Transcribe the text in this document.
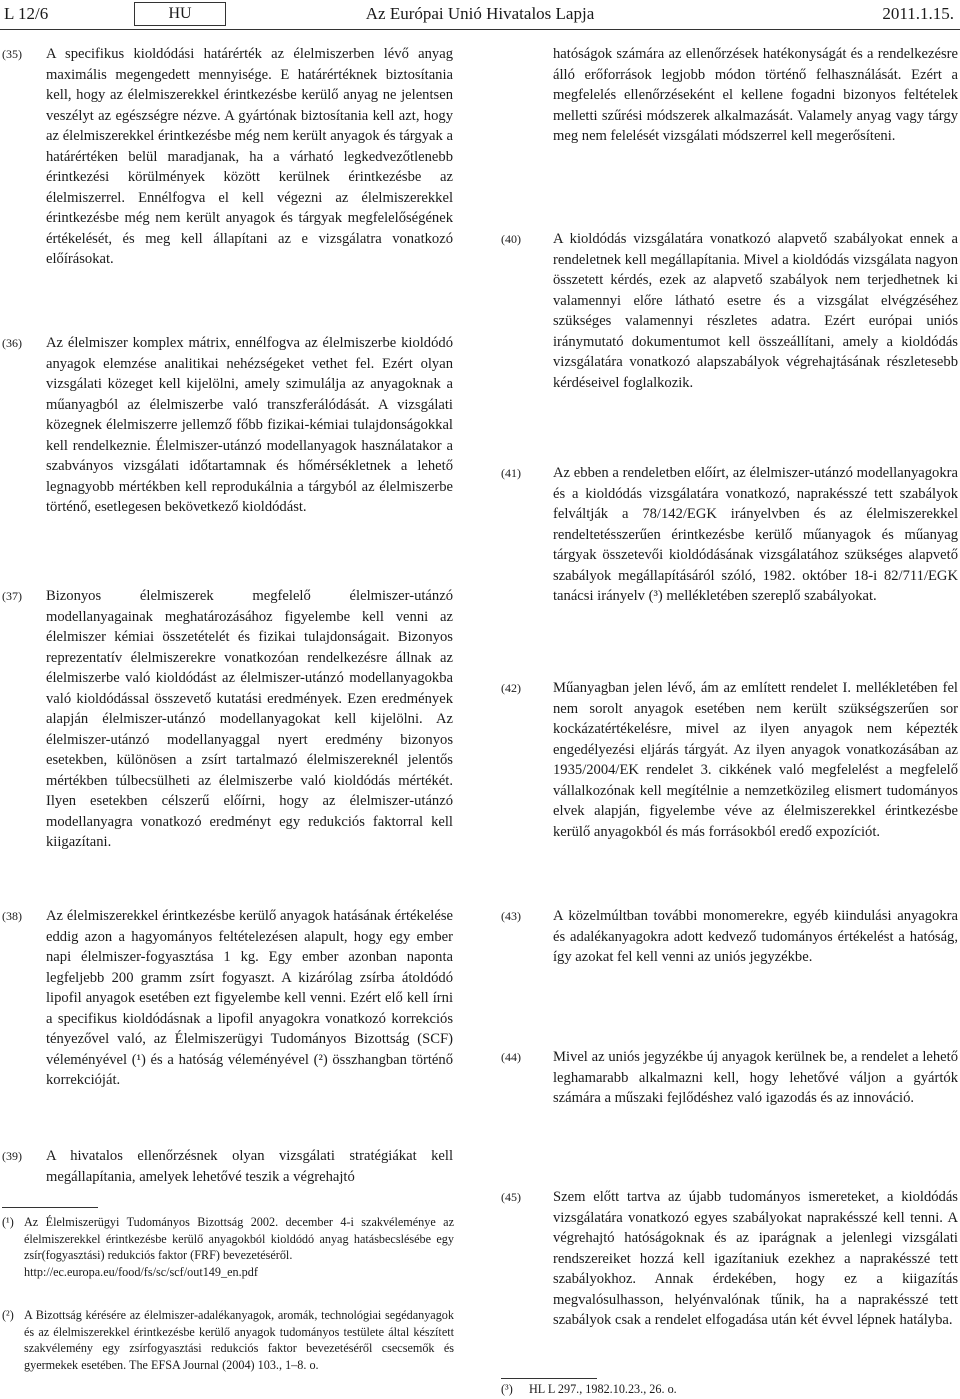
L 12/6	HU	Az Európai Unió Hivatalos Lapja	2011.1.15.
(35) A specifikus kioldódási határérték az élelmiszerben lévő anyag maximális megengedett mennyisége. E határértéknek biztosítania kell, hogy az élelmiszerekkel érintkezésbe kerülő anyag ne jelentsen veszélyt az egészségre nézve. A gyártónak biztosítania kell azt, hogy az élelmiszerekkel érintkezésbe még nem került anyagok és tárgyak a határértéken belül maradjanak, ha a várható legkedvezőtlenebb érintkezési körülmények között kerülnek érintkezésbe az élelmiszerrel. Ennélfogva el kell végezni az élelmiszerekkel érintkezésbe még nem került anyagok és tárgyak megfelelőségének értékelését, és meg kell állapítani az e vizsgálatra vonatkozó előírásokat.
(36) Az élelmiszer komplex mátrix, ennélfogva az élelmiszerbe kioldódó anyagok elemzése analitikai nehézségeket vethet fel. Ezért olyan vizsgálati közeget kell kijelölni, amely szimulálja az anyagoknak a műanyagból az élelmiszerbe való transzferálódását. A vizsgálati közegnek élelmiszerre jellemző főbb fizikai-kémiai tulajdonságokkal kell rendelkeznie. Élelmiszer-utánzó modellanyagok használatakor a szabványos vizsgálati időtartamnak és hőmérsékletnek a lehető legnagyobb mértékben kell reprodukálnia a tárgyból az élelmiszerbe történő, esetlegesen bekövetkező kioldódást.
(37) Bizonyos élelmiszerek megfelelő élelmiszer-utánzó modellanyagainak meghatározásához figyelembe kell venni az élelmiszer kémiai összetételét és fizikai tulajdonságait. Bizonyos reprezentatív élelmiszerekre vonatkozóan rendelkezésre állnak az élelmiszerbe való kioldódást az élelmiszer-utánzó modellanyagokba való kioldódással összevető kutatási eredmények. Ezen eredmények alapján élelmiszer-utánzó modellanyagokat kell kijelölni. Az élelmiszer-utánzó modellanyaggal nyert eredmény bizonyos esetekben, különösen a zsírt tartalmazó élelmiszereknél jelentős mértékben túlbecsülheti az élelmiszerbe való kioldódás mértékét. Ilyen esetekben célszerű előírni, hogy az élelmiszer-utánzó modellanyagra vonatkozó eredményt egy redukciós faktorral kell kiigazítani.
hatóságok számára az ellenőrzések hatékonyságát és a rendelkezésre álló erőforrások legjobb módon történő felhasználását. Ezért a megfelelés ellenőrzéseként el kellene fogadni bizonyos feltételek melletti szűrési módszerek alkalmazását. Valamely anyag vagy tárgy meg nem felelését vizsgálati módszerrel kell megerősíteni.
(40) A kioldódás vizsgálatára vonatkozó alapvető szabályokat ennek a rendeletnek kell megállapítania. Mivel a kioldódás vizsgálata nagyon összetett kérdés, ezek az alapvető szabályok nem terjedhetnek ki valamennyi előre látható esetre és a vizsgálat elvégzéséhez szükséges valamennyi részletes adatra. Ezért európai uniós iránymutató dokumentumot kell összeállítani, amely a kioldódás vizsgálatára vonatkozó alapszabályok végrehajtásának részletesebb kérdéseivel foglalkozik.
(41) Az ebben a rendeletben előírt, az élelmiszer-utánzó modellanyagokra és a kioldódás vizsgálatára vonatkozó, naprakésszé tett szabályok felváltják a 78/142/EGK irányelvben és az élelmiszerekkel rendeltetésszerűen érintkezésbe kerülő műanyagok és műanyag tárgyak összetevői kioldódásának vizsgálatához szükséges alapvető szabályok megállapításáról szóló, 1982. október 18-i 82/711/EGK tanácsi irányelv (³) mellékletében szereplő szabályokat.
(42) Műanyagban jelen lévő, ám az említett rendelet I. mellékletében fel nem sorolt anyagok esetében nem került szükségszerűen sor kockázatértékelésre, mivel az ilyen anyagok nem képezték engedélyezési eljárás tárgyát. Az ilyen anyagok vonatkozásában az 1935/2004/EK rendelet 3. cikkének való megfelelést a megfelelő vállalkozónak kell megítélnie a nemzetközileg elismert tudományos elvek alapján, figyelembe véve az élelmiszerekkel érintkezésbe kerülő anyagokból és más forrásokból eredő expozíciót.
(38) Az élelmiszerekkel érintkezésbe kerülő anyagok hatásának értékelése eddig azon a hagyományos feltételezésen alapult, hogy egy ember napi élelmiszer-fogyasztása 1 kg. Egy ember azonban naponta legfeljebb 200 gramm zsírt fogyaszt. A kizárólag zsírba átoldódó lipofil anyagok esetében ezt figyelembe kell venni. Ezért elő kell írni a specifikus kioldódásnak a lipofil anyagokra vonatkozó korrekciós tényezővel való, az Élelmiszerügyi Tudományos Bizottság (SCF) véleményével (¹) és a hatóság véleményével (²) összhangban történő korrekcióját.
(39) A hivatalos ellenőrzésnek olyan vizsgálati stratégiákat kell megállapítania, amelyek lehetővé teszik a végrehajtó
(43) A közelmúltban további monomerekre, egyéb kiindulási anyagokra és adalékanyagokra adott kedvező tudományos értékelést a hatóság, így azokat fel kell venni az uniós jegyzékbe.
(44) Mivel az uniós jegyzékbe új anyagok kerülnek be, a rendelet a lehető leghamarabb alkalmazni kell, hogy lehetővé váljon a gyártók számára a műszaki fejlődéshez való igazodás és az innováció.
(45) Szem előtt tartva az újabb tudományos ismereteket, a kioldódás vizsgálatára vonatkozó egyes szabályokat naprakésszé kell tenni. A végrehajtó hatóságoknak és az iparágnak a jelenlegi vizsgálati rendszereiket hozzá kell igazítaniuk ezekhez a naprakésszé tett szabályokhoz. Annak érdekében, hogy ez a kiigazítás megvalósulhasson, helyénvalónak tűnik, ha a naprakésszé tett szabályok csak a rendelet elfogadása után két évvel lépnek hatályba.
(¹) Az Élelmiszerügyi Tudományos Bizottság 2002. december 4-i szakvéleménye az élelmiszerekkel érintkezésbe kerülő anyagokból kioldódó anyag hatásbecslésébe egy zsír(fogyasztási) redukciós faktor (FRF) bevezetéséről.
http://ec.europa.eu/food/fs/sc/scf/out149_en.pdf
(²) A Bizottság kérésére az élelmiszer-adalékanyagok, aromák, technológiai segédanyagok és az élelmiszerekkel érintkezésbe kerülő anyagok tudományos testülete által készített szakvélemény egy zsírfogyasztási redukciós faktor bevezetéséről csecsemők és gyermekek esetében. The EFSA Journal (2004) 103., 1–8. o.
(³) HL L 297., 1982.10.23., 26. o.
